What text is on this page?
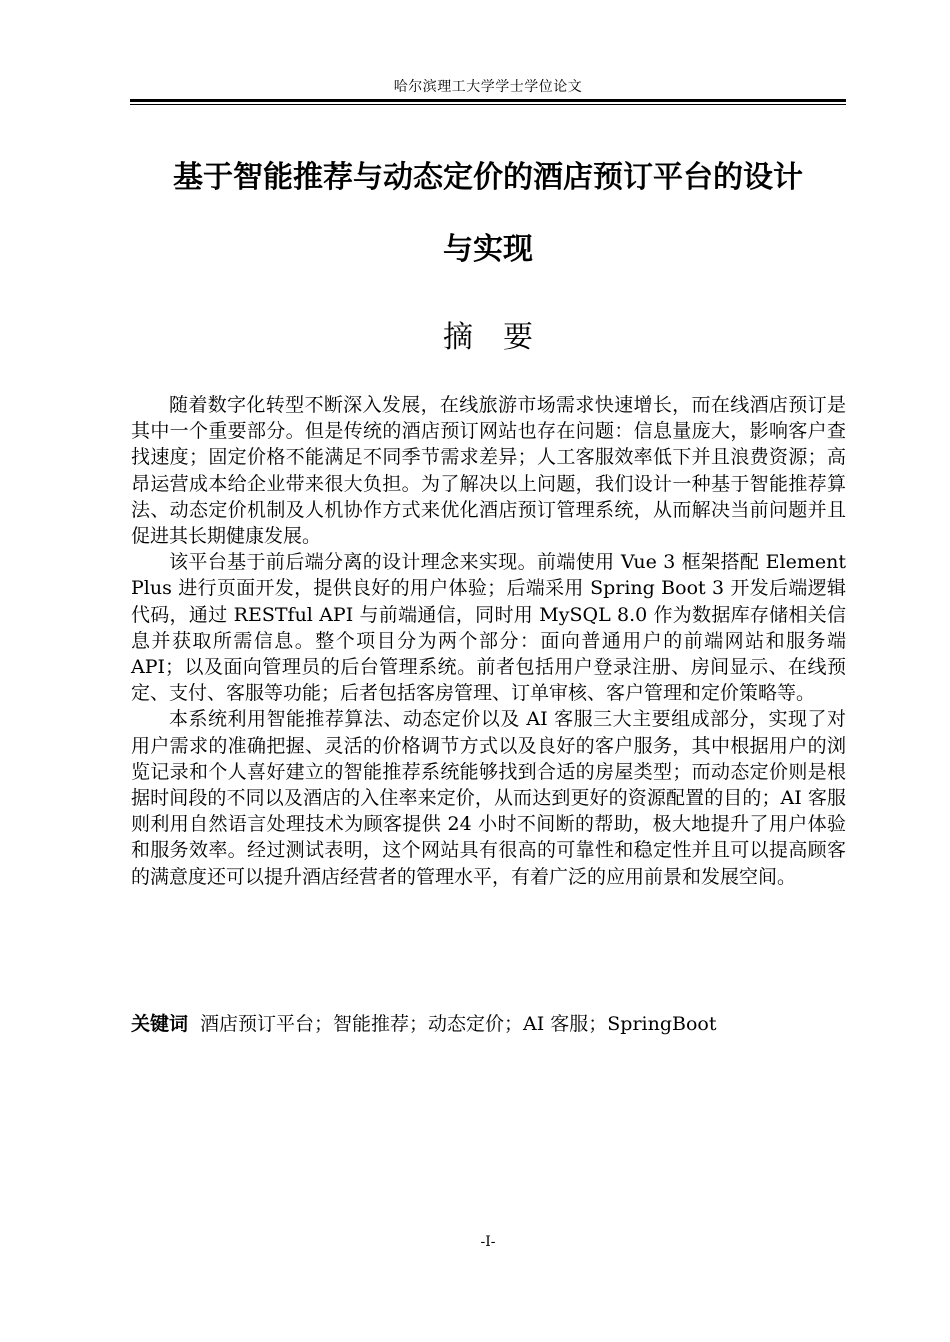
哈尔滨理工大学学士学位论文
基于智能推荐与动态定价的酒店预订平台的设计
与实现
摘要

随着数字化转型不断深入发展，在线旅游市场需求快速增长，而在线酒店预订是其中一个重要部分。但是传统的酒店预订网站也存在问题：信息量庞大，影响客户查找速度；固定价格不能满足不同季节需求差异；人工客服效率低下并且浪费资源；高昂运营成本给企业带来很大负担。为了解决以上问题，我们设计一种基于智能推荐算法、动态定价机制及人机协作方式来优化酒店预订管理系统，从而解决当前问题并且促进其长期健康发展。

该平台基于前后端分离的设计理念来实现。前端使用 Vue 3 框架搭配 Element Plus 进行页面开发，提供良好的用户体验；后端采用 Spring Boot 3 开发后端逻辑代码，通过 RESTful API 与前端通信，同时用 MySQL 8.0 作为数据库存储相关信息并获取所需信息。整个项目分为两个部分：面向普通用户的前端网站和服务端 API；以及面向管理员的后台管理系统。前者包括用户登录注册、房间显示、在线预定、支付、客服等功能；后者包括客房管理、订单审核、客户管理和定价策略等。

本系统利用智能推荐算法、动态定价以及 AI 客服三大主要组成部分，实现了对用户需求的准确把握、灵活的价格调节方式以及良好的客户服务，其中根据用户的浏览记录和个人喜好建立的智能推荐系统能够找到合适的房屋类型；而动态定价则是根据时间段的不同以及酒店的入住率来定价，从而达到更好的资源配置的目的；AI 客服则利用自然语言处理技术为顾客提供 24 小时不间断的帮助，极大地提升了用户体验和服务效率。经过测试表明，这个网站具有很高的可靠性和稳定性并且可以提高顾客的满意度还可以提升酒店经营者的管理水平，有着广泛的应用前景和发展空间。

关键词 酒店预订平台；智能推荐；动态定价；AI 客服；SpringBoot
-I-
